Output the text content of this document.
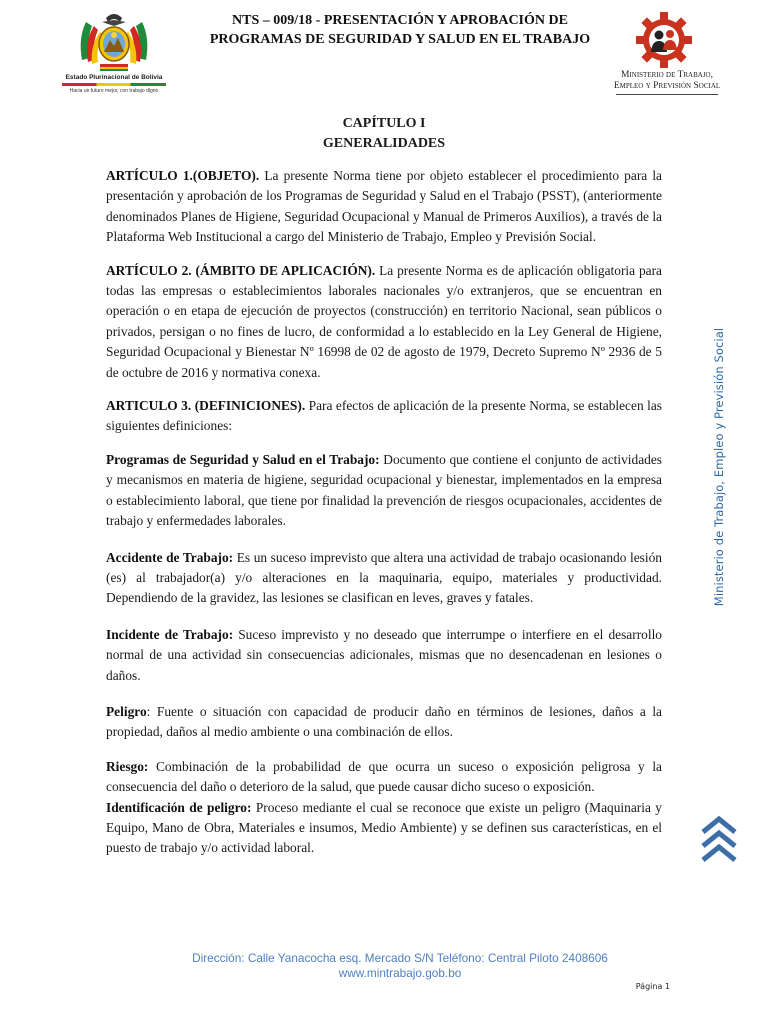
Estado Plurinacional de Bolivia
Hacia un futuro mejor, con trabajo digno
NTS – 009/18 - PRESENTACIÓN Y APROBACIÓN DE
PROGRAMAS DE SEGURIDAD Y SALUD EN EL TRABAJO
Ministerio de Trabajo,
Empleo y Previsión Social
CAPÍTULO I
GENERALIDADES

ARTÍCULO 1.(OBJETO). La presente Norma tiene por objeto establecer el procedimiento para la presentación y aprobación de los Programas de Seguridad y Salud en el Trabajo (PSST), (anteriormente denominados Planes de Higiene, Seguridad Ocupacional y Manual de Primeros Auxilios), a través de la Plataforma Web Institucional a cargo del Ministerio de Trabajo, Empleo y Previsión Social.

ARTÍCULO 2. (ÁMBITO DE APLICACIÓN). La presente Norma es de aplicación obligatoria para todas las empresas o establecimientos laborales nacionales y/o extranjeros, que se encuentran en operación o en etapa de ejecución de proyectos (construcción) en territorio Nacional, sean públicos o privados, persigan o no fines de lucro, de conformidad a lo establecido en la Ley General de Higiene, Seguridad Ocupacional y Bienestar Nº 16998 de 02 de agosto de 1979, Decreto Supremo Nº 2936 de 5 de octubre de 2016 y normativa conexa.

ARTICULO 3. (DEFINICIONES). Para efectos de aplicación de la presente Norma, se establecen las siguientes definiciones:

Programas de Seguridad y Salud en el Trabajo: Documento que contiene el conjunto de actividades y mecanismos en materia de higiene, seguridad ocupacional y bienestar, implementados en la empresa o establecimiento laboral, que tiene por finalidad la prevención de riesgos ocupacionales, accidentes de trabajo y enfermedades laborales.

Accidente de Trabajo: Es un suceso imprevisto que altera una actividad de trabajo ocasionando lesión (es) al trabajador(a) y/o alteraciones en la maquinaria, equipo, materiales y productividad. Dependiendo de la gravidez, las lesiones se clasifican en leves, graves y fatales.

Incidente de Trabajo: Suceso imprevisto y no deseado que interrumpe o interfiere en el desarrollo normal de una actividad sin consecuencias adicionales, mismas que no desencadenan en lesiones o daños.

Peligro: Fuente o situación con capacidad de producir daño en términos de lesiones, daños a la propiedad, daños al medio ambiente o una combinación de ellos.

Riesgo: Combinación de la probabilidad de que ocurra un suceso o exposición peligrosa y la consecuencia del daño o deterioro de la salud, que puede causar dicho suceso o exposición.

Identificación de peligro: Proceso mediante el cual se reconoce que existe un peligro (Maquinaria y Equipo, Mano de Obra, Materiales e insumos, Medio Ambiente) y se definen sus características, en el puesto de trabajo y/o actividad laboral.

Ministerio de Trabajo, Empleo y Previsión Social
Dirección: Calle Yanacocha esq. Mercado S/N Teléfono: Central Piloto 2408606
www.mintrabajo.gob.bo
Página 1
